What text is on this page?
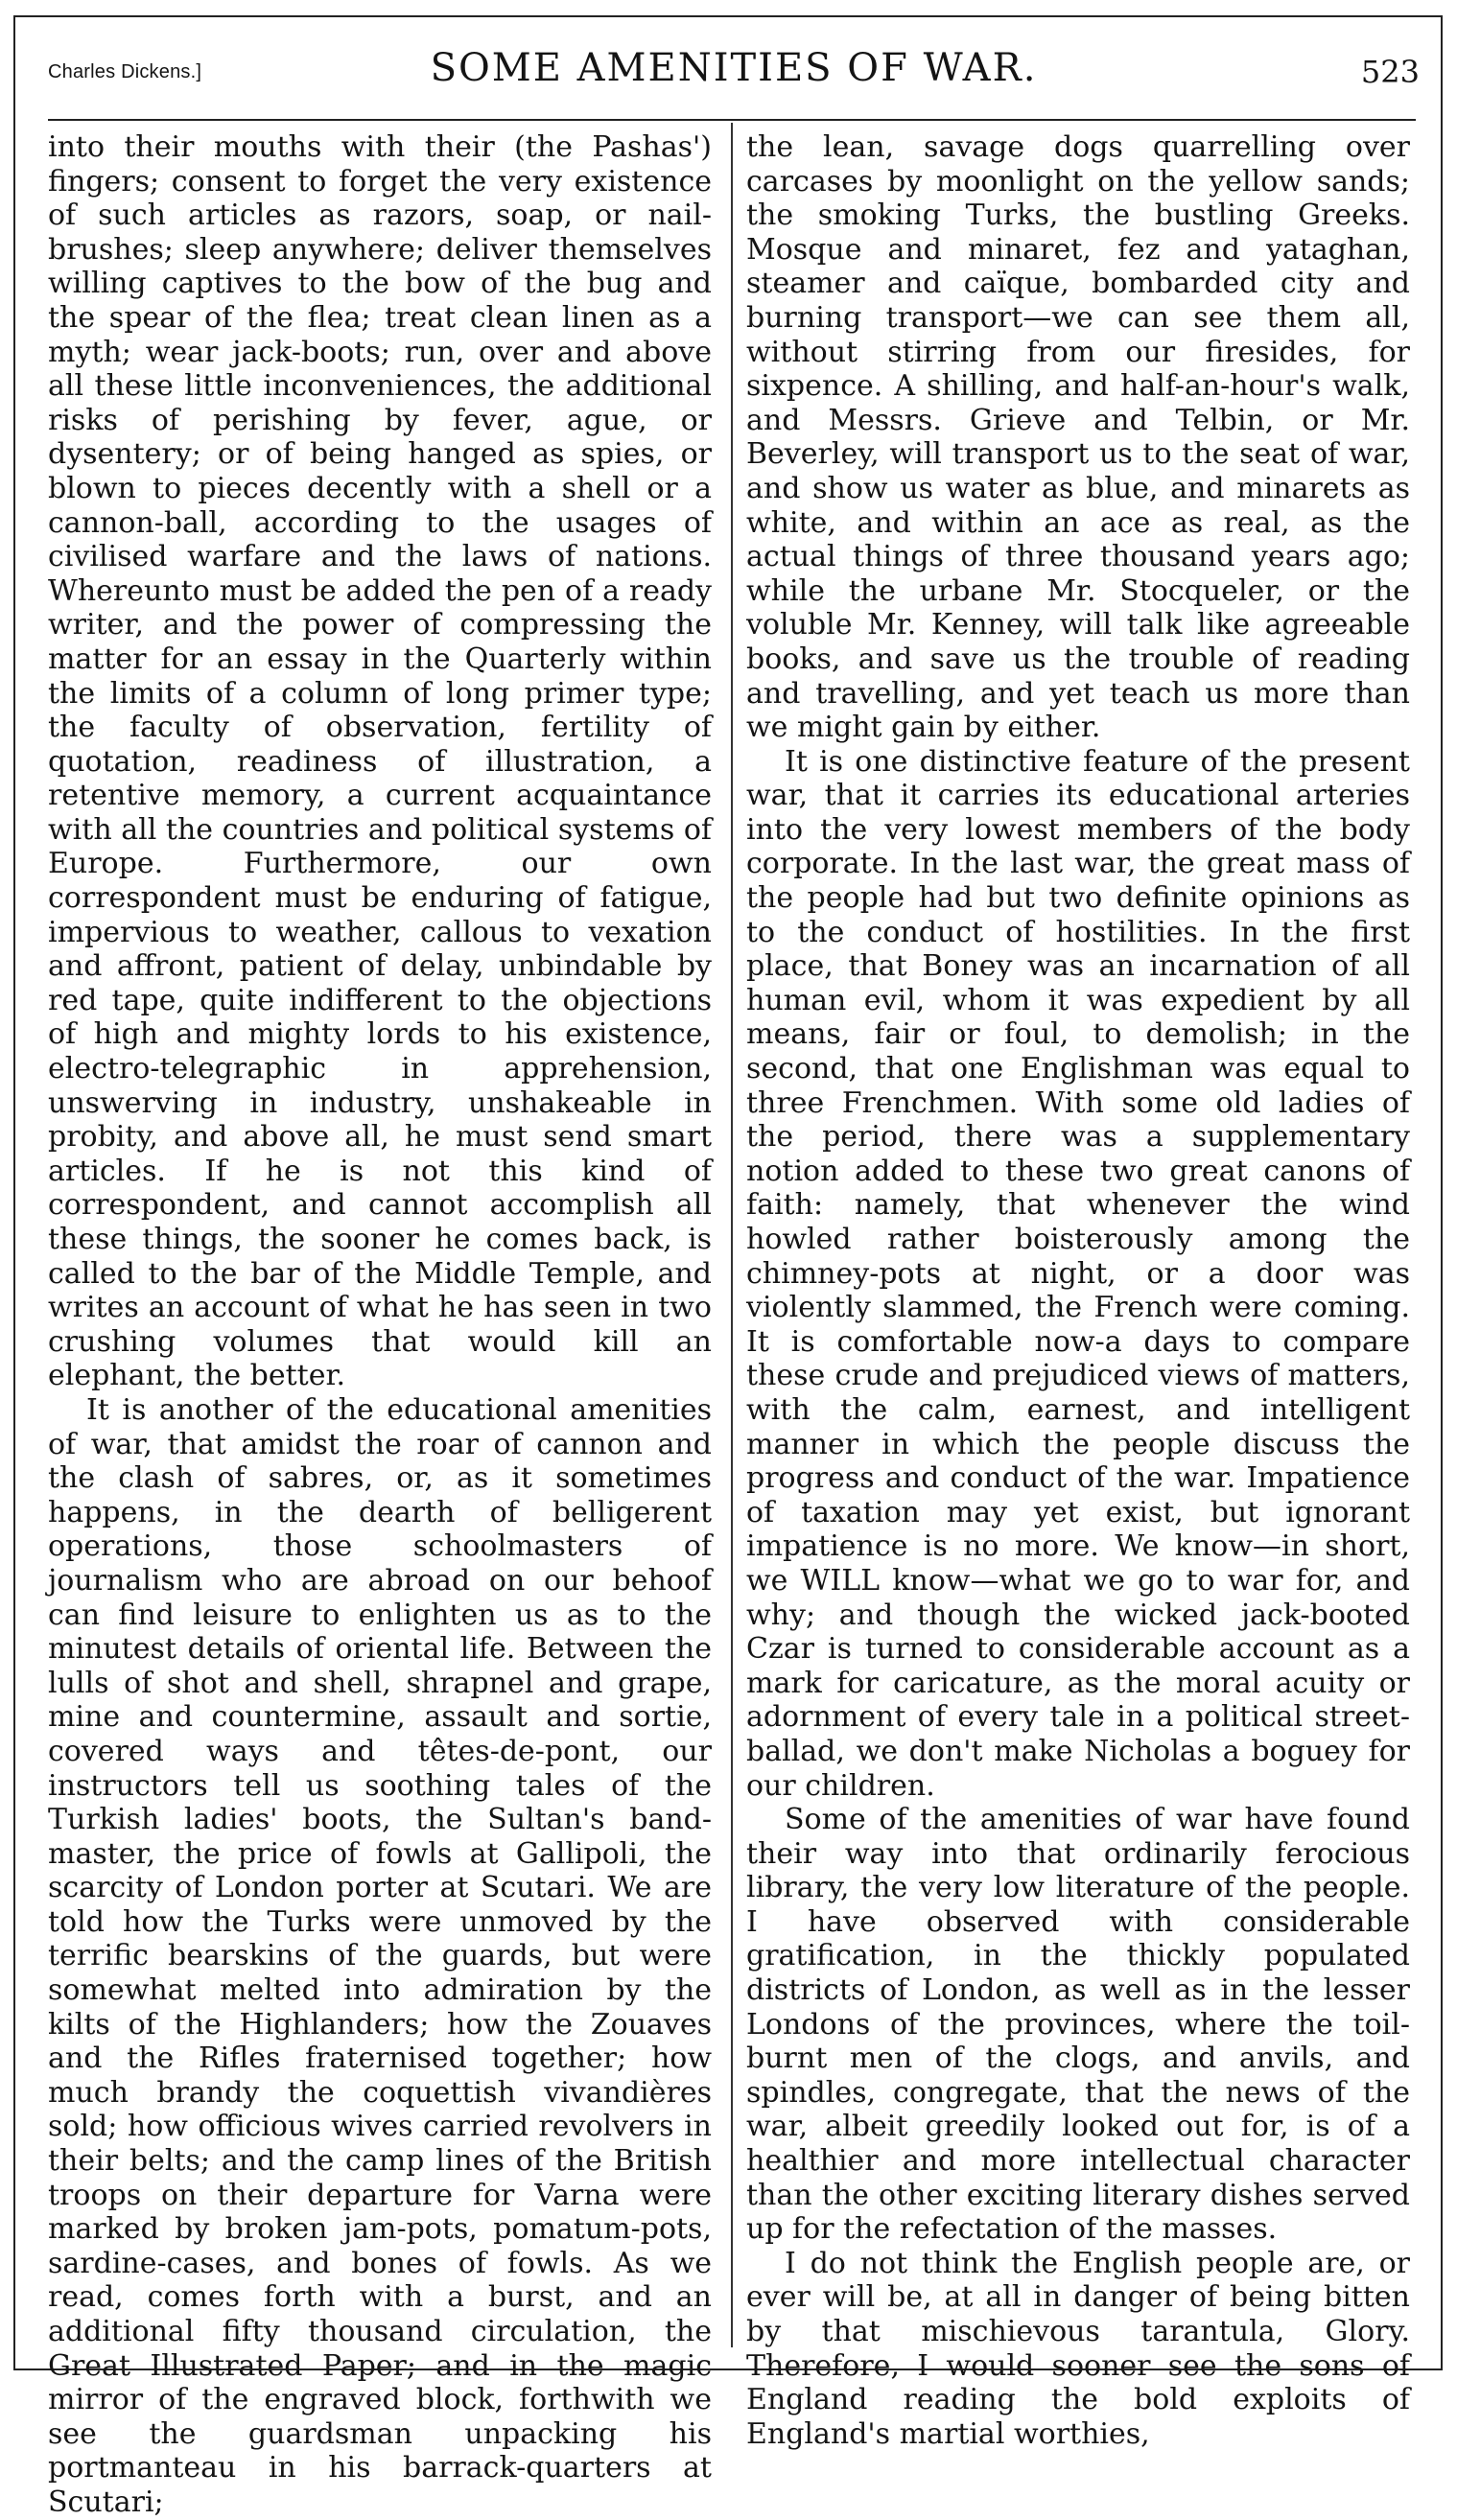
Charles Dickens.]	SOME AMENITIES OF WAR.	523

into their mouths with their (the Pashas') fingers; consent to forget the very existence of such articles as razors, soap, or nail-brushes; sleep anywhere; deliver themselves willing captives to the bow of the bug and the spear of the flea; treat clean linen as a myth; wear jack-boots; run, over and above all these little inconveniences, the additional risks of perishing by fever, ague, or dysentery; or of being hanged as spies, or blown to pieces decently with a shell or a cannon-ball, according to the usages of civilised warfare and the laws of nations. Whereunto must be added the pen of a ready writer, and the power of compressing the matter for an essay in the Quarterly within the limits of a column of long primer type; the faculty of observation, fertility of quotation, readiness of illustration, a retentive memory, a current acquaintance with all the countries and political systems of Europe. Furthermore, our own correspondent must be enduring of fatigue, impervious to weather, callous to vexation and affront, patient of delay, unbindable by red tape, quite indifferent to the objections of high and mighty lords to his existence, electro-telegraphic in apprehension, unswerving in industry, unshakeable in probity, and above all, he must send smart articles. If he is not this kind of correspondent, and cannot accomplish all these things, the sooner he comes back, is called to the bar of the Middle Temple, and writes an account of what he has seen in two crushing volumes that would kill an elephant, the better.

It is another of the educational amenities of war, that amidst the roar of cannon and the clash of sabres, or, as it sometimes happens, in the dearth of belligerent operations, those schoolmasters of journalism who are abroad on our behoof can find leisure to enlighten us as to the minutest details of oriental life. Between the lulls of shot and shell, shrapnel and grape, mine and countermine, assault and sortie, covered ways and têtes-de-pont, our instructors tell us soothing tales of the Turkish ladies' boots, the Sultan's band-master, the price of fowls at Gallipoli, the scarcity of London porter at Scutari. We are told how the Turks were unmoved by the terrific bearskins of the guards, but were somewhat melted into admiration by the kilts of the Highlanders; how the Zouaves and the Rifles fraternised together; how much brandy the coquettish vivandières sold; how officious wives carried revolvers in their belts; and the camp lines of the British troops on their departure for Varna were marked by broken jam-pots, pomatum-pots, sardine-cases, and bones of fowls. As we read, comes forth with a burst, and an additional fifty thousand circulation, the Great Illustrated Paper; and in the magic mirror of the engraved block, forthwith we see the guardsman unpacking his portmanteau in his barrack-quarters at Scutari;

the lean, savage dogs quarrelling over carcases by moonlight on the yellow sands; the smoking Turks, the bustling Greeks. Mosque and minaret, fez and yataghan, steamer and caïque, bombarded city and burning transport—we can see them all, without stirring from our firesides, for sixpence. A shilling, and half-an-hour's walk, and Messrs. Grieve and Telbin, or Mr. Beverley, will transport us to the seat of war, and show us water as blue, and minarets as white, and within an ace as real, as the actual things of three thousand years ago; while the urbane Mr. Stocqueler, or the voluble Mr. Kenney, will talk like agreeable books, and save us the trouble of reading and travelling, and yet teach us more than we might gain by either.

It is one distinctive feature of the present war, that it carries its educational arteries into the very lowest members of the body corporate. In the last war, the great mass of the people had but two definite opinions as to the conduct of hostilities. In the first place, that Boney was an incarnation of all human evil, whom it was expedient by all means, fair or foul, to demolish; in the second, that one Englishman was equal to three Frenchmen. With some old ladies of the period, there was a supplementary notion added to these two great canons of faith: namely, that whenever the wind howled rather boisterously among the chimney-pots at night, or a door was violently slammed, the French were coming. It is comfortable now-a days to compare these crude and prejudiced views of matters, with the calm, earnest, and intelligent manner in which the people discuss the progress and conduct of the war. Impatience of taxation may yet exist, but ignorant impatience is no more. We know—in short, we WILL know—what we go to war for, and why; and though the wicked jack-booted Czar is turned to considerable account as a mark for caricature, as the moral acuity or adornment of every tale in a political street-ballad, we don't make Nicholas a boguey for our children.

Some of the amenities of war have found their way into that ordinarily ferocious library, the very low literature of the people. I have observed with considerable gratification, in the thickly populated districts of London, as well as in the lesser Londons of the provinces, where the toil-burnt men of the clogs, and anvils, and spindles, congregate, that the news of the war, albeit greedily looked out for, is of a healthier and more intellectual character than the other exciting literary dishes served up for the refectation of the masses.

I do not think the English people are, or ever will be, at all in danger of being bitten by that mischievous tarantula, Glory. Therefore, I would sooner see the sons of England reading the bold exploits of England's martial worthies,
